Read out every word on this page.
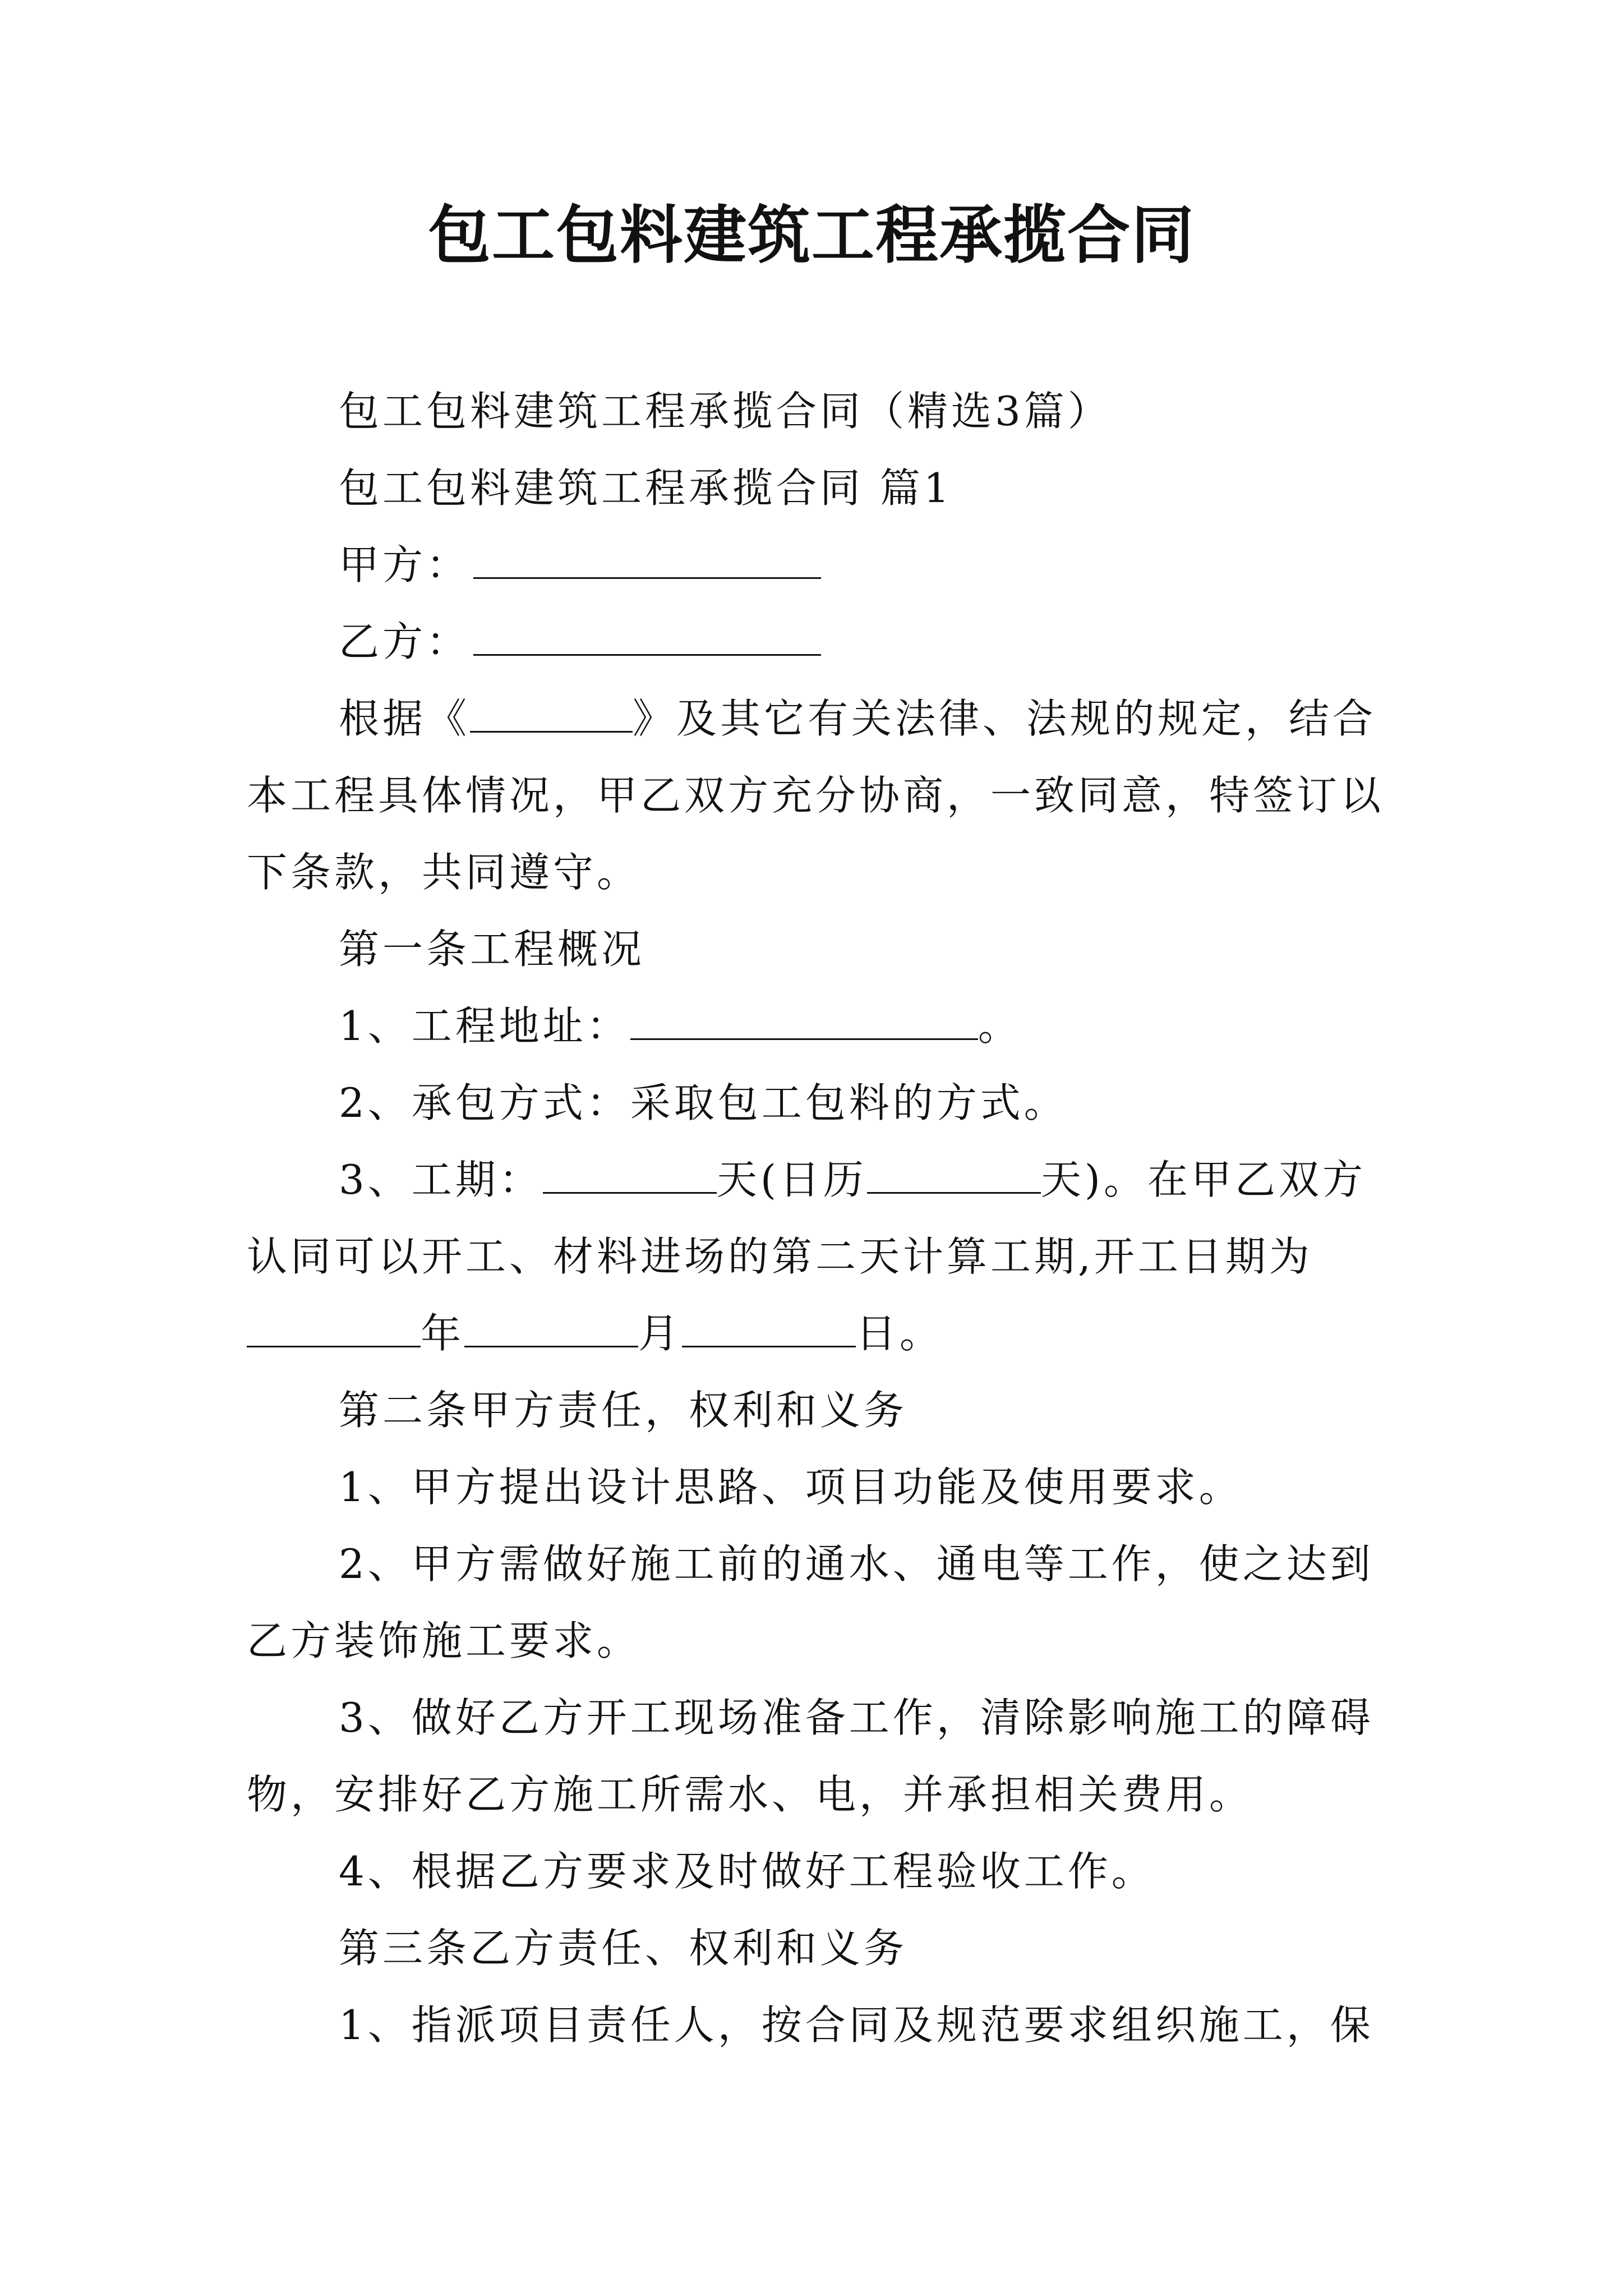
包工包料建筑工程承揽合同

包工包料建筑工程承揽合同（精选3篇）

包工包料建筑工程承揽合同 篇1

甲方：

乙方：

根据《	》及其它有关法律、法规的规定，结合本工程具体情况，甲乙双方充分协商，一致同意，特签订以下条款，共同遵守。

第一条工程概况

1、工程地址：	。

2、承包方式：采取包工包料的方式。

3、工期：	天(日历	天)。在甲乙双方认同可以开工、材料进场的第二天计算工期,开工日期为年	月	日。

第二条甲方责任，权利和义务

1、甲方提出设计思路、项目功能及使用要求。

2、甲方需做好施工前的通水、通电等工作，使之达到乙方装饰施工要求。

3、做好乙方开工现场准备工作，清除影响施工的障碍物，安排好乙方施工所需水、电，并承担相关费用。

4、根据乙方要求及时做好工程验收工作。

第三条乙方责任、权利和义务

1、指派项目责任人，按合同及规范要求组织施工，保
